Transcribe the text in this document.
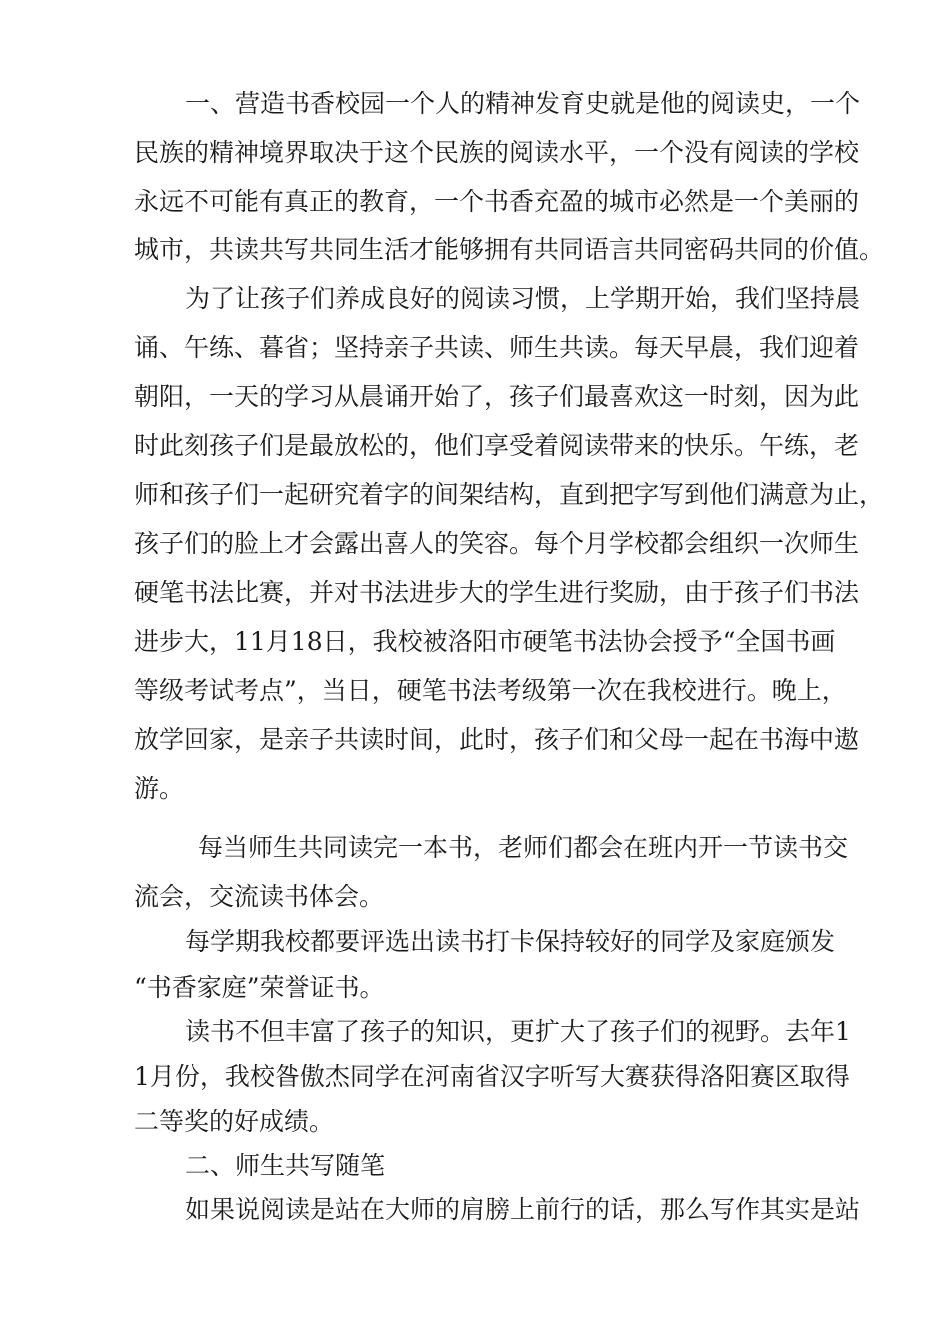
一、营造书香校园一个人的精神发育史就是他的阅读史，一个
民族的精神境界取决于这个民族的阅读水平，一个没有阅读的学校
永远不可能有真正的教育，一个书香充盈的城市必然是一个美丽的
城市，共读共写共同生活才能够拥有共同语言共同密码共同的价值。
为了让孩子们养成良好的阅读习惯，上学期开始，我们坚持晨
诵、午练、暮省；坚持亲子共读、师生共读。每天早晨，我们迎着
朝阳，一天的学习从晨诵开始了，孩子们最喜欢这一时刻，因为此
时此刻孩子们是最放松的，他们享受着阅读带来的快乐。午练，老
师和孩子们一起研究着字的间架结构，直到把字写到他们满意为止，
孩子们的脸上才会露出喜人的笑容。每个月学校都会组织一次师生
硬笔书法比赛，并对书法进步大的学生进行奖励，由于孩子们书法
进步大，11月18日，我校被洛阳市硬笔书法协会授予“全国书画
等级考试考点”，当日，硬笔书法考级第一次在我校进行。晚上，
放学回家，是亲子共读时间，此时，孩子们和父母一起在书海中遨
游。
每当师生共同读完一本书，老师们都会在班内开一节读书交
流会，交流读书体会。
每学期我校都要评选出读书打卡保持较好的同学及家庭颁发
“书香家庭”荣誉证书。
读书不但丰富了孩子的知识，更扩大了孩子们的视野。去年1
1月份，我校昝傲杰同学在河南省汉字听写大赛获得洛阳赛区取得
二等奖的好成绩。
二、师生共写随笔
如果说阅读是站在大师的肩膀上前行的话，那么写作其实是站
